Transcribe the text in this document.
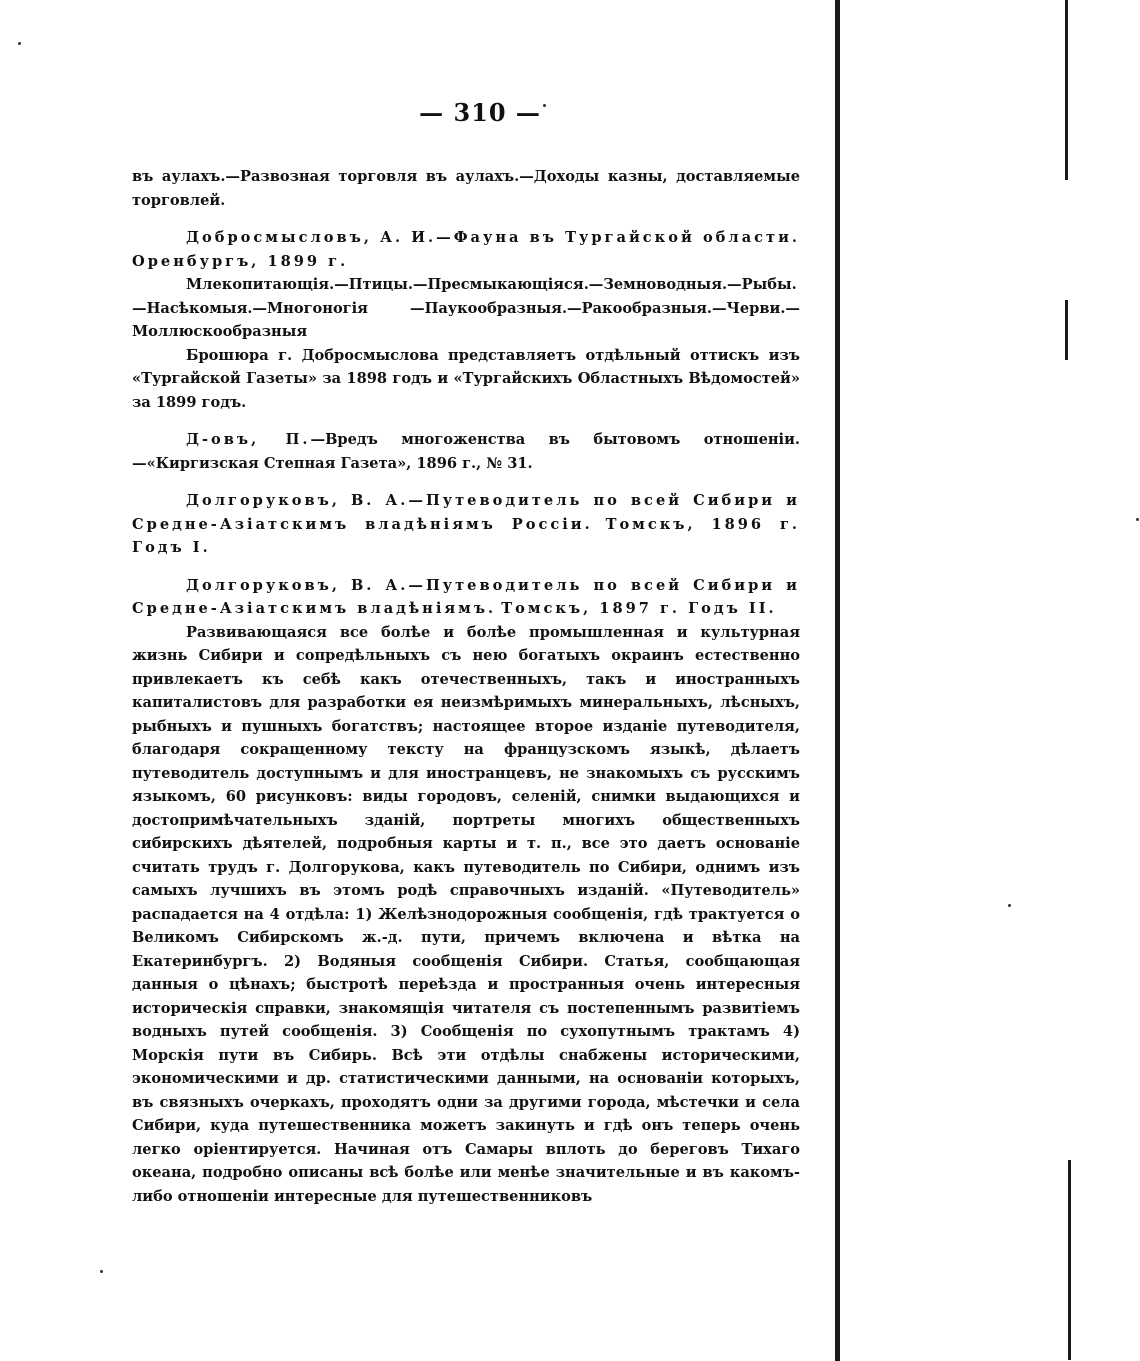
— 310 —

въ аулахъ.—Развозная торговля въ аулахъ.—Доходы казны, доставляемые торговлей.

Добросмысловъ, А. И.—Фауна въ Тургайской области. Оренбургъ, 1899 г.

Млекопитающія.—Птицы.—Пресмыкающіяся.—Земноводныя.—Рыбы.—Насѣкомыя.—Многоногія —Паукообразныя.—Ракообразныя.—Черви.—Моллюскообразныя

Брошюра г. Добросмыслова представляетъ отдѣльный оттискъ изъ «Тургайской Газеты» за 1898 годъ и «Тургайскихъ Областныхъ Вѣдомостей» за 1899 годъ.

Д-овъ, П.—Вредъ многоженства въ бытовомъ отношеніи.—«Киргизская Степная Газета», 1896 г., № 31.

Долгоруковъ, В. А.—Путеводитель по всей Сибири и Средне-Азіатскимъ владѣніямъ Россіи. Томскъ, 1896 г. Годъ I.

Долгоруковъ, В. А.—Путеводитель по всей Сибири и Средне-Азіатскимъ владѣніямъ. Томскъ, 1897 г. Годъ II.

Развивающаяся все болѣе и болѣе промышленная и культурная жизнь Сибири и сопредѣльныхъ съ нею богатыхъ окраинъ естественно привлекаетъ къ себѣ какъ отечественныхъ, такъ и иностранныхъ капиталистовъ для разработки ея неизмѣримыхъ минеральныхъ, лѣсныхъ, рыбныхъ и пушныхъ богатствъ; настоящее второе изданіе путеводителя, благодаря сокращенному тексту на французскомъ языкѣ, дѣлаетъ путеводитель доступнымъ и для иностранцевъ, не знакомыхъ съ русскимъ языкомъ, 60 рисунковъ: виды городовъ, селеній, снимки выдающихся и достопримѣчательныхъ зданій, портреты многихъ общественныхъ сибирскихъ дѣятелей, подробныя карты и т. п., все это даетъ основаніе считать трудъ г. Долгорукова, какъ путеводитель по Сибири, однимъ изъ самыхъ лучшихъ въ этомъ родѣ справочныхъ изданій. «Путеводитель» распадается на 4 отдѣла: 1) Желѣзнодорожныя сообщенія, гдѣ трактуется о Великомъ Сибирскомъ ж.-д. пути, причемъ включена и вѣтка на Екатеринбургъ. 2) Водяныя сообщенія Сибири. Статья, сообщающая данныя о цѣнахъ; быстротѣ переѣзда и пространныя очень интересныя историческія справки, знакомящія читателя съ постепеннымъ развитіемъ водныхъ путей сообщенія. 3) Сообщенія по сухопутнымъ трактамъ 4) Морскія пути въ Сибирь. Всѣ эти отдѣлы снабжены историческими, экономическими и др. статистическими данными, на основаніи которыхъ, въ связныхъ очеркахъ, проходятъ одни за другими города, мѣстечки и села Сибири, куда путешественника можетъ закинуть и гдѣ онъ теперь очень легко оріентируется. Начиная отъ Самары вплоть до береговъ Тихаго океана, подробно описаны всѣ болѣе или менѣе значительные и въ какомъ-либо отношеніи интересные для путешественниковъ
